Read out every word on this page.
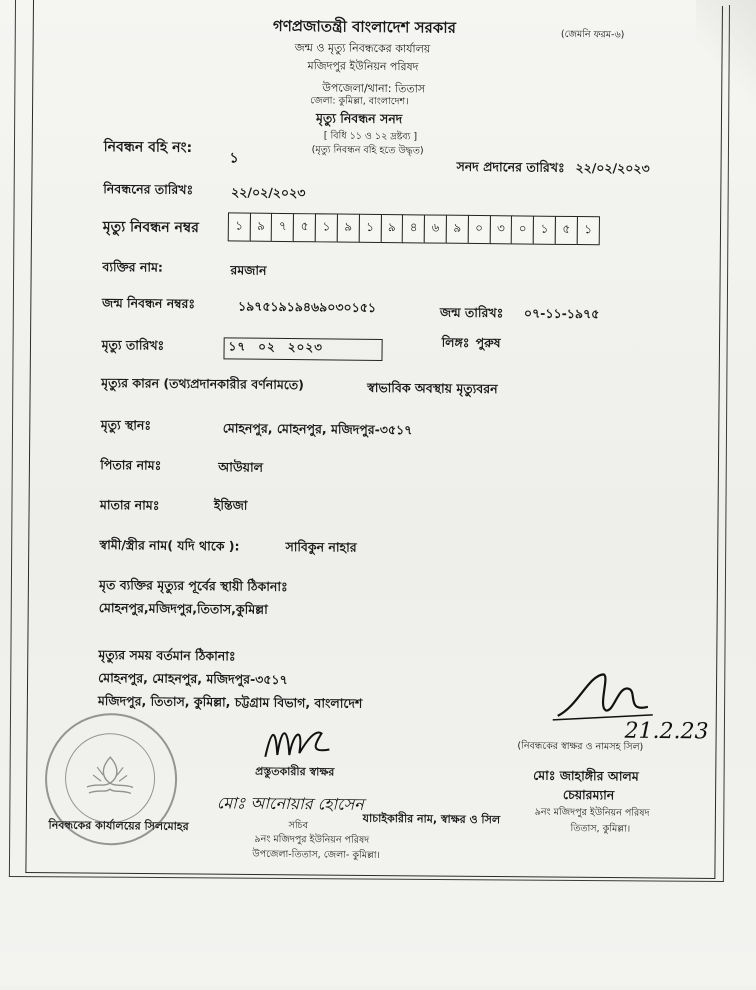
গণপ্রজাতন্ত্রী বাংলাদেশ সরকার	(জেমনি ফরম-৬)
জন্ম ও মৃত্যু নিবন্ধকের কার্যালয়
মজিদপুর ইউনিয়ন পরিষদ
উপজেলা/থানা: তিতাস
জেলা: কুমিল্লা, বাংলাদেশ।
মৃত্যু নিবন্ধন সনদ
[ বিধি ১১ ও ১২ দ্রষ্টব্য ]
(মৃত্যু নিবন্ধন বহি হতে উদ্ধৃত)
নিবন্ধন বহি নং:
১
সনদ প্রদানের তারিখঃ ২২/০২/২০২৩
নিবন্ধনের তারিখঃ	২২/০২/২০২৩
মৃত্যু নিবন্ধন নম্বর	১	৯	৭	৫	১	৯	১	৯	৪	৬	৯	০	৩	০	১	৫	১
ব্যক্তির নাম:	রমজান
জন্ম নিবন্ধন নম্বরঃ	১৯৭৫১৯১৯৪৬৯০৩০১৫১	জন্ম তারিখঃ ০৭-১১-১৯৭৫
মৃত্যু তারিখঃ	১৭ ০২ ২০২৩	লিঙ্গঃ পুরুষ
মৃত্যুর কারন (তথ্যপ্রদানকারীর বর্ণনামতে)	স্বাভাবিক অবস্থায় মৃত্যুবরন
মৃত্যু স্থানঃ	মোহনপুর, মোহনপুর, মজিদপুর-৩৫১৭
পিতার নামঃ	আউয়াল
মাতার নামঃ	ইন্তিজা
স্বামী/স্ত্রীর নাম( যদি থাকে ):	সাবিকুন নাহার
মৃত ব্যক্তির মৃত্যুর পূর্বের স্থায়ী ঠিকানাঃ
মোহনপুর,মজিদপুর,তিতাস,কুমিল্লা
মৃত্যুর সময় বর্তমান ঠিকানাঃ
মোহনপুর, মোহনপুর, মজিদপুর-৩৫১৭
মজিদপুর, তিতাস, কুমিল্লা, চট্টগ্রাম বিভাগ, বাংলাদেশ
21.2.23
(নিবন্ধকের স্বাক্ষর ও নামসহ সিল)
মোঃ জাহাঙ্গীর আলম
চেয়ারম্যান
৯নং মজিদপুর ইউনিয়ন পরিষদ
তিতাস, কুমিল্লা।
প্রস্তুতকারীর স্বাক্ষর
মোঃ আনোয়ার হোসেন
সচিব
৯নং মজিদপুর ইউনিয়ন পরিষদ
উপজেলা-তিতাস, জেলা- কুমিল্লা।
যাচাইকারীর নাম, স্বাক্ষর ও সিল
নিবন্ধকের কার্যালয়ের সিলমোহর
